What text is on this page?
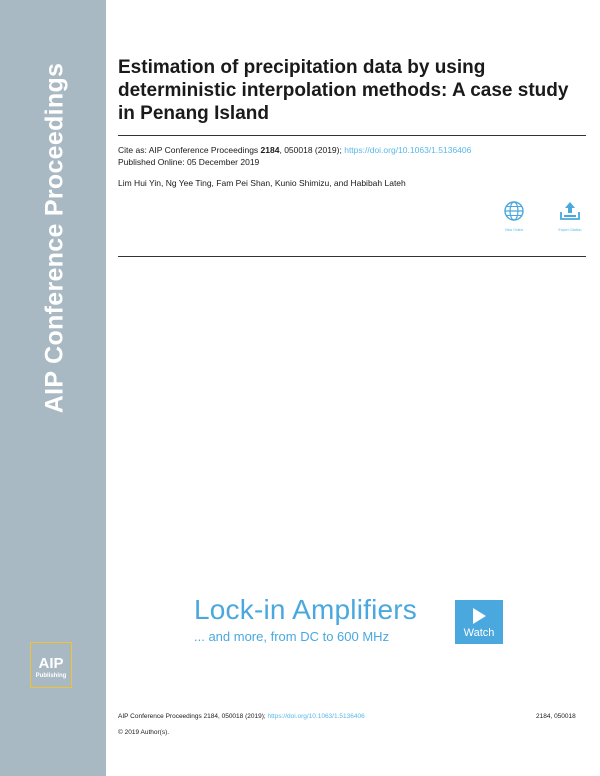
AIP Conference Proceedings
AIP
Publishing
Estimation of precipitation data by using deterministic interpolation methods: A case study in Penang Island
Cite as: AIP Conference Proceedings 2184, 050018 (2019); https://doi.org/10.1063/1.5136406
Published Online: 05 December 2019
Lim Hui Yin, Ng Yee Ting, Fam Pei Shan, Kunio Shimizu, and Habibah Lateh
View Online	Export Citation
Lock-in Amplifiers
... and more, from DC to 600 MHz	Watch
AIP Conference Proceedings 2184, 050018 (2019); https://doi.org/10.1063/1.5136406	2184, 050018
© 2019 Author(s).
